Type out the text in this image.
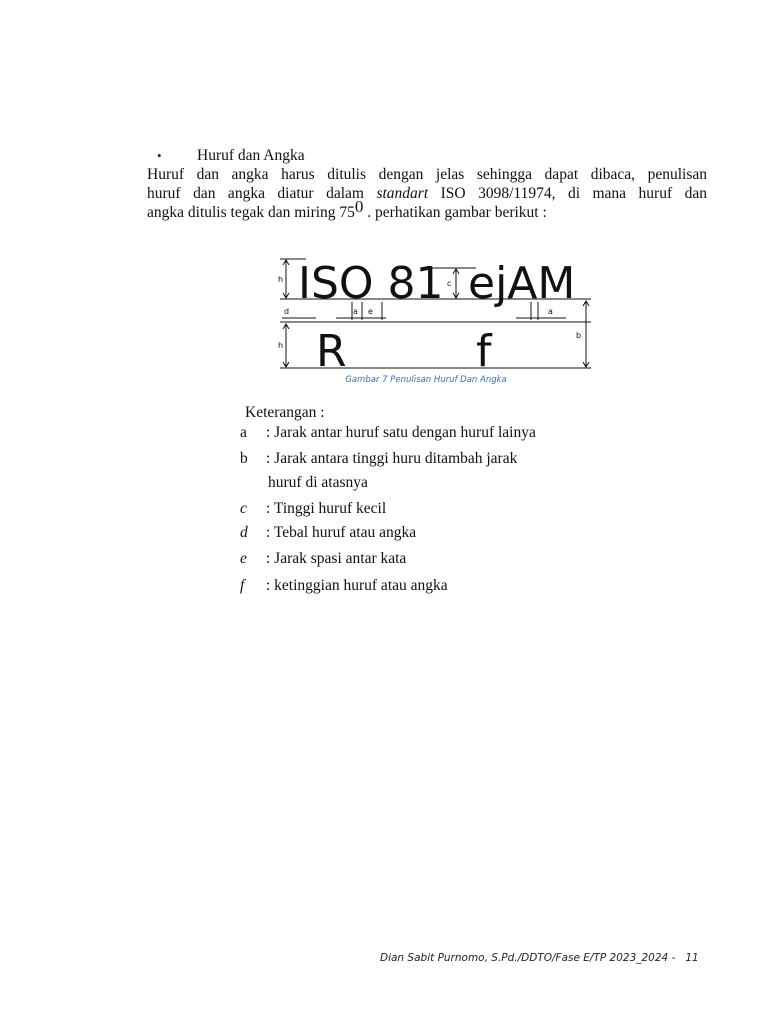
• Huruf dan Angka
Huruf dan angka harus ditulis dengan jelas sehingga dapat dibaca, penulisan
huruf dan angka diatur dalam standart ISO 3098/11974, di mana huruf dan
angka ditulis tegak dan miring $75^0$ . perhatikan gambar berikut :
ISO 81 ejAM
R	f
h
h
c
d	a e	a
b
Gambar 7 Penulisan Huruf Dan Angka
Keterangan :
a : Jarak antar huruf satu dengan huruf lainya
b: Jarak antara tinggi huru ditambah jarak
huruf di atasnya
c : Tinggi huruf kecil
d : Tebal huruf atau angka
e : Jarak spasi antar kata
f : ketinggian huruf atau angka
Dian Sabit Purnomo, S.Pd./DDTO/Fase E/TP 2023_2024 - 11
